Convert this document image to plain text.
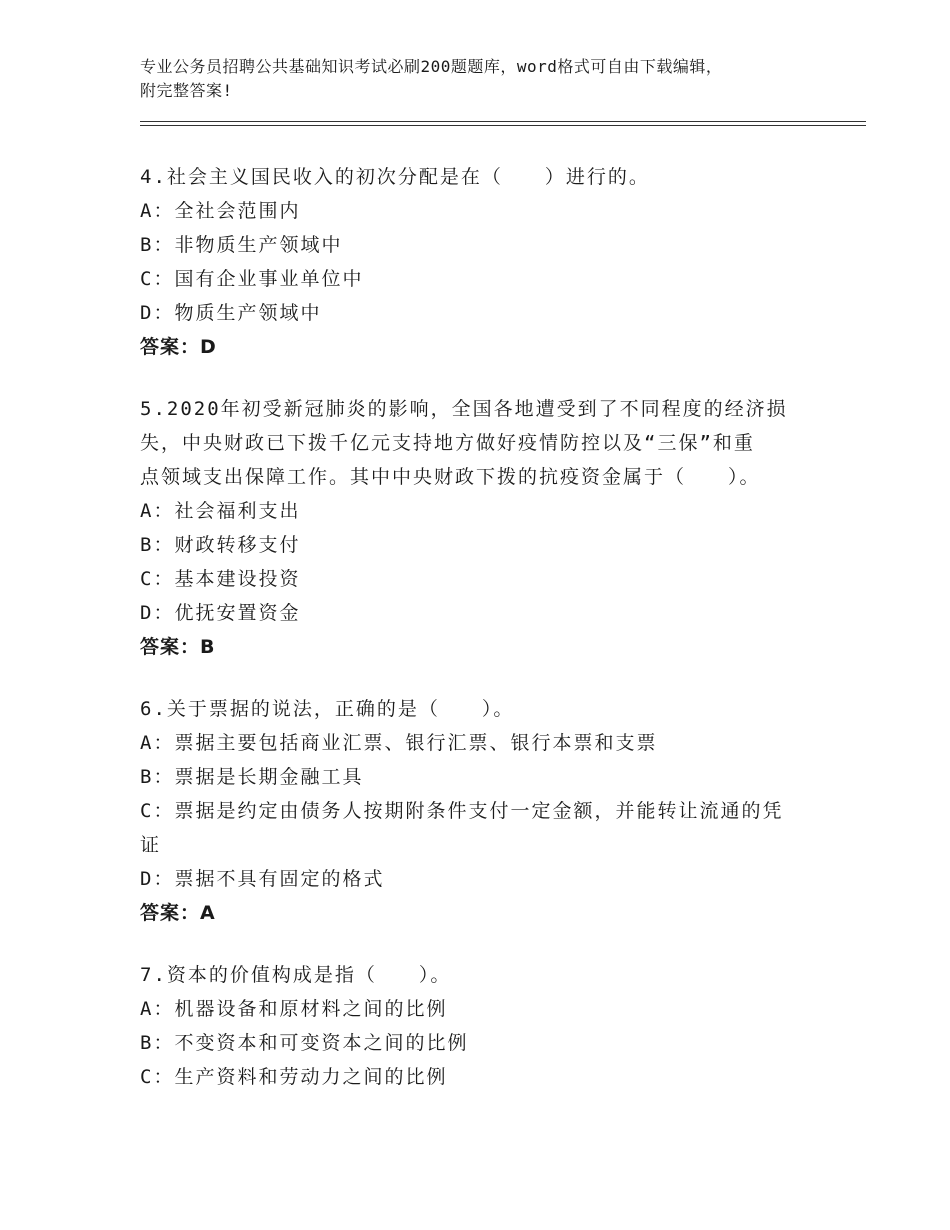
专业公务员招聘公共基础知识考试必刷200题题库，word格式可自由下载编辑，
附完整答案!
4.社会主义国民收入的初次分配是在（　　）进行的。
A：全社会范围内
B：非物质生产领域中
C：国有企业事业单位中
D：物质生产领域中
答案：D
5.2020年初受新冠肺炎的影响，全国各地遭受到了不同程度的经济损
失，中央财政已下拨千亿元支持地方做好疫情防控以及“三保”和重
点领域支出保障工作。其中中央财政下拨的抗疫资金属于（　　）。
A：社会福利支出
B：财政转移支付
C：基本建设投资
D：优抚安置资金
答案：B
6.关于票据的说法，正确的是（　　）。
A：票据主要包括商业汇票、银行汇票、银行本票和支票
B：票据是长期金融工具
C：票据是约定由债务人按期附条件支付一定金额，并能转让流通的凭
证
D：票据不具有固定的格式
答案：A
7.资本的价值构成是指（　　）。
A：机器设备和原材料之间的比例
B：不变资本和可变资本之间的比例
C：生产资料和劳动力之间的比例
